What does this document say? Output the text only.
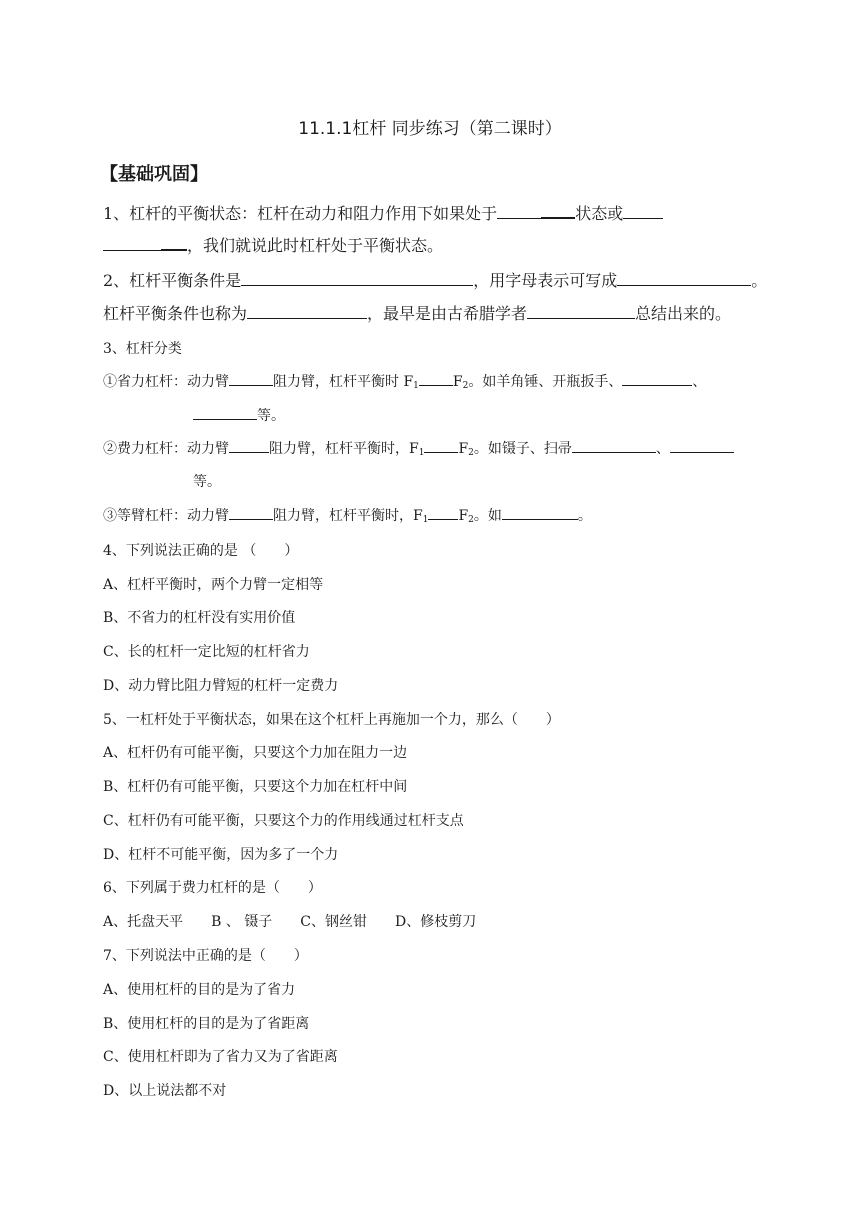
11.1.1杠杆 同步练习（第二课时）
【基础巩固】
1、杠杆的平衡状态：杠杆在动力和阻力作用下如果处于	状态或
，我们就说此时杠杆处于平衡状态。
2、杠杆平衡条件是	，用字母表示可写成	。
杠杆平衡条件也称为	，最早是由古希腊学者	总结出来的。
3、杠杆分类
①省力杠杆：动力臂	阻力臂，杠杆平衡时 $F_1$ $F_2$。如羊角锤、开瓶扳手、	、
等。
②费力杠杆：动力臂	阻力臂，杠杆平衡时，$F_1$ $F_2$。如镊子、扫帚	、
等。
③等臂杠杆：动力臂	阻力臂，杠杆平衡时，$F_1$ $F_2$。如	。
4、下列说法正确的是 （　　）
A、杠杆平衡时，两个力臂一定相等
B、不省力的杠杆没有实用价值
C、长的杠杆一定比短的杠杆省力
D、动力臂比阻力臂短的杠杆一定费力
5、一杠杆处于平衡状态，如果在这个杠杆上再施加一个力，那么（　　）
A、杠杆仍有可能平衡，只要这个力加在阻力一边
B、杠杆仍有可能平衡，只要这个力加在杠杆中间
C、杠杆仍有可能平衡，只要这个力的作用线通过杠杆支点
D、杠杆不可能平衡，因为多了一个力
6、下列属于费力杠杆的是（　　）
A、托盘天平　　B 、 镊子　　C、钢丝钳　　D、修枝剪刀
7、下列说法中正确的是（　　）
A、使用杠杆的目的是为了省力
B、使用杠杆的目的是为了省距离
C、使用杠杆即为了省力又为了省距离
D、以上说法都不对
